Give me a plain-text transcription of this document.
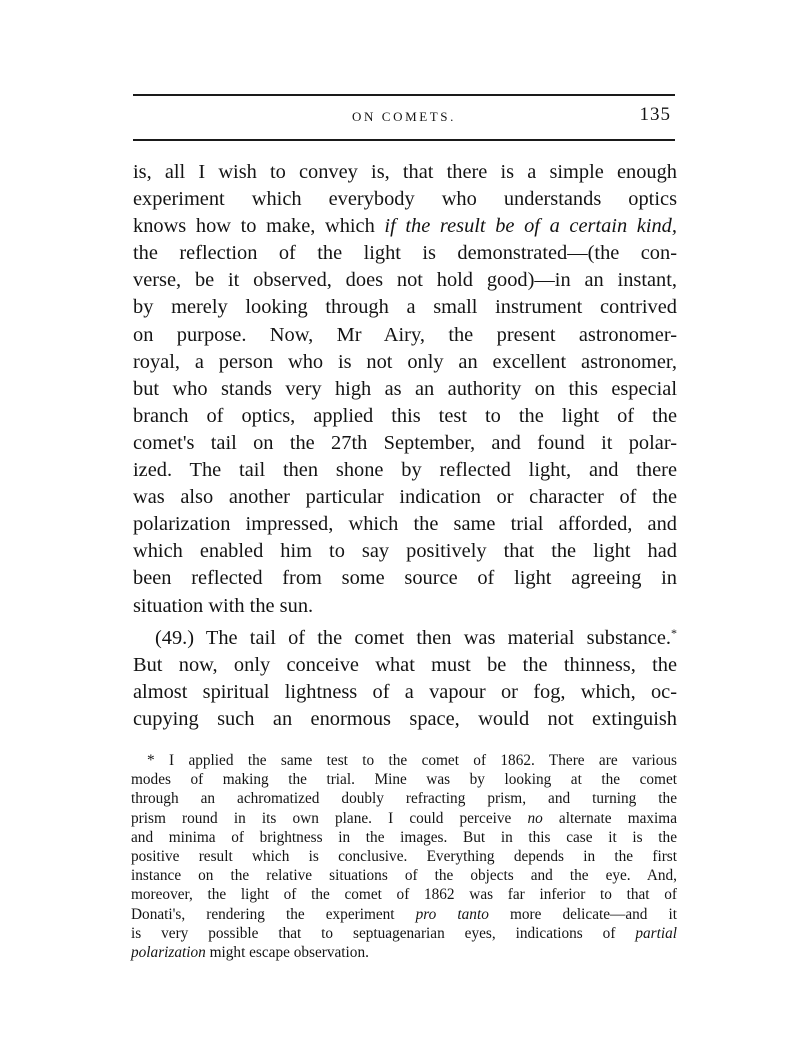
ON COMETS.	135
is, all I wish to convey is, that there is a simple enough
experiment which everybody who understands optics
knows how to make, which if the result be of a certain kind,
the reflection of the light is demonstrated—(the con-
verse, be it observed, does not hold good)—in an instant,
by merely looking through a small instrument contrived
on purpose. Now, Mr Airy, the present astronomer-
royal, a person who is not only an excellent astronomer,
but who stands very high as an authority on this especial
branch of optics, applied this test to the light of the
comet's tail on the 27th September, and found it polar-
ized. The tail then shone by reflected light, and there
was also another particular indication or character of the
polarization impressed, which the same trial afforded, and
which enabled him to say positively that the light had
been reflected from some source of light agreeing in
situation with the sun.
(49.) The tail of the comet then was material substance.*
But now, only conceive what must be the thinness, the
almost spiritual lightness of a vapour or fog, which, oc-
cupying such an enormous space, would not extinguish
* I applied the same test to the comet of 1862. There are various
modes of making the trial. Mine was by looking at the comet
through an achromatized doubly refracting prism, and turning the
prism round in its own plane. I could perceive no alternate maxima
and minima of brightness in the images. But in this case it is the
positive result which is conclusive. Everything depends in the first
instance on the relative situations of the objects and the eye. And,
moreover, the light of the comet of 1862 was far inferior to that of
Donati's, rendering the experiment pro tanto more delicate—and it
is very possible that to septuagenarian eyes, indications of partial
polarization might escape observation.
